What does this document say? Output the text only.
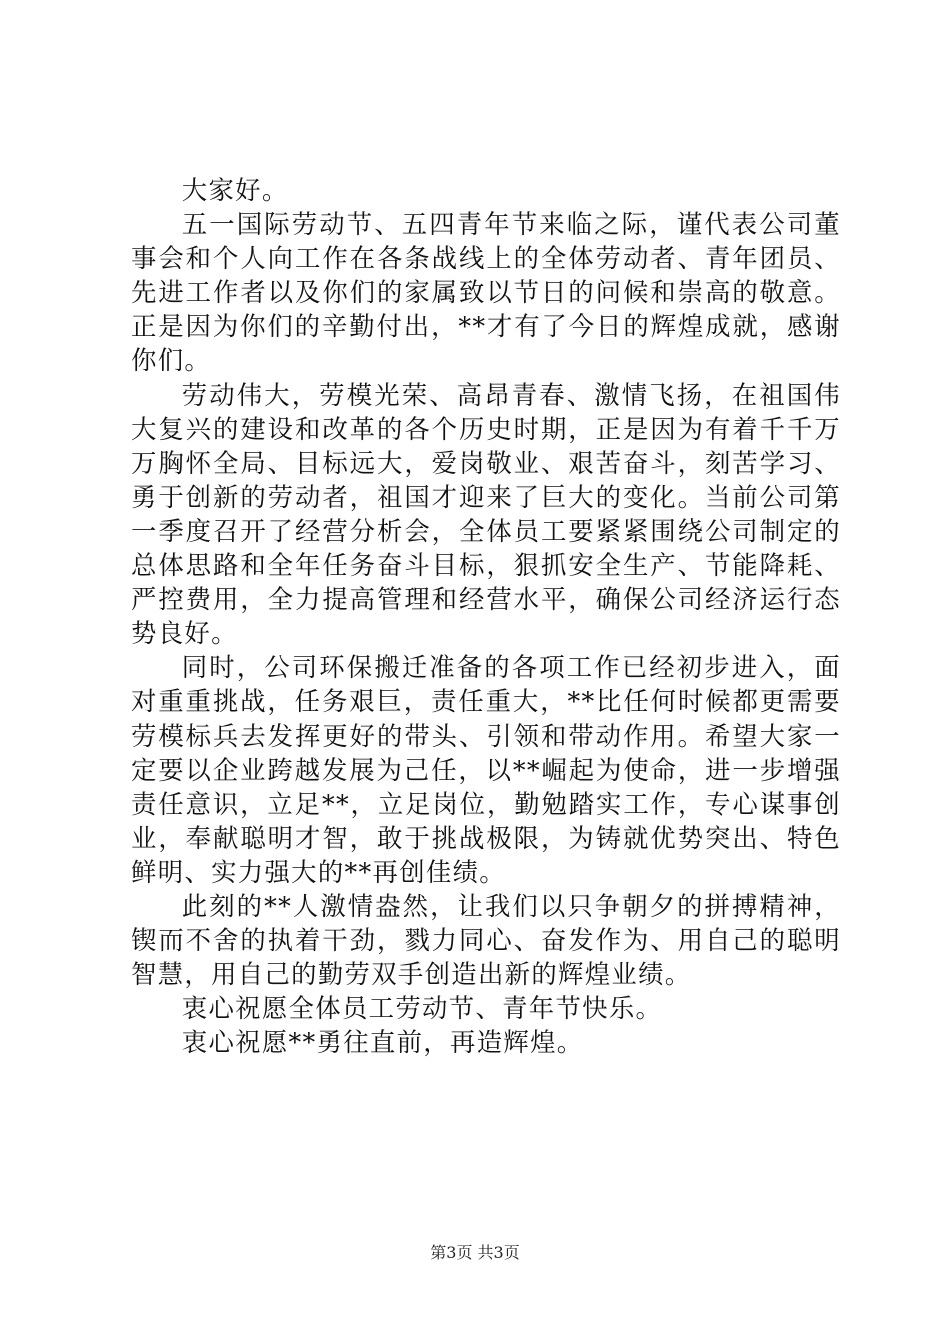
大家好。

五一国际劳动节、五四青年节来临之际，谨代表公司董事会和个人向工作在各条战线上的全体劳动者、青年团员、先进工作者以及你们的家属致以节日的问候和崇高的敬意。正是因为你们的辛勤付出，**才有了今日的辉煌成就，感谢你们。

劳动伟大，劳模光荣、高昂青春、激情飞扬，在祖国伟大复兴的建设和改革的各个历史时期，正是因为有着千千万万胸怀全局、目标远大，爱岗敬业、艰苦奋斗，刻苦学习、勇于创新的劳动者，祖国才迎来了巨大的变化。当前公司第一季度召开了经营分析会，全体员工要紧紧围绕公司制定的总体思路和全年任务奋斗目标，狠抓安全生产、节能降耗、严控费用，全力提高管理和经营水平，确保公司经济运行态势良好。

同时，公司环保搬迁准备的各项工作已经初步进入，面对重重挑战，任务艰巨，责任重大，**比任何时候都更需要劳模标兵去发挥更好的带头、引领和带动作用。希望大家一定要以企业跨越发展为己任，以**崛起为使命，进一步增强责任意识，立足**，立足岗位，勤勉踏实工作，专心谋事创业，奉献聪明才智，敢于挑战极限，为铸就优势突出、特色鲜明、实力强大的**再创佳绩。

此刻的**人激情盎然，让我们以只争朝夕的拼搏精神，锲而不舍的执着干劲，戮力同心、奋发作为、用自己的聪明智慧，用自己的勤劳双手创造出新的辉煌业绩。

衷心祝愿全体员工劳动节、青年节快乐。

衷心祝愿**勇往直前，再造辉煌。

第3页 共3页
